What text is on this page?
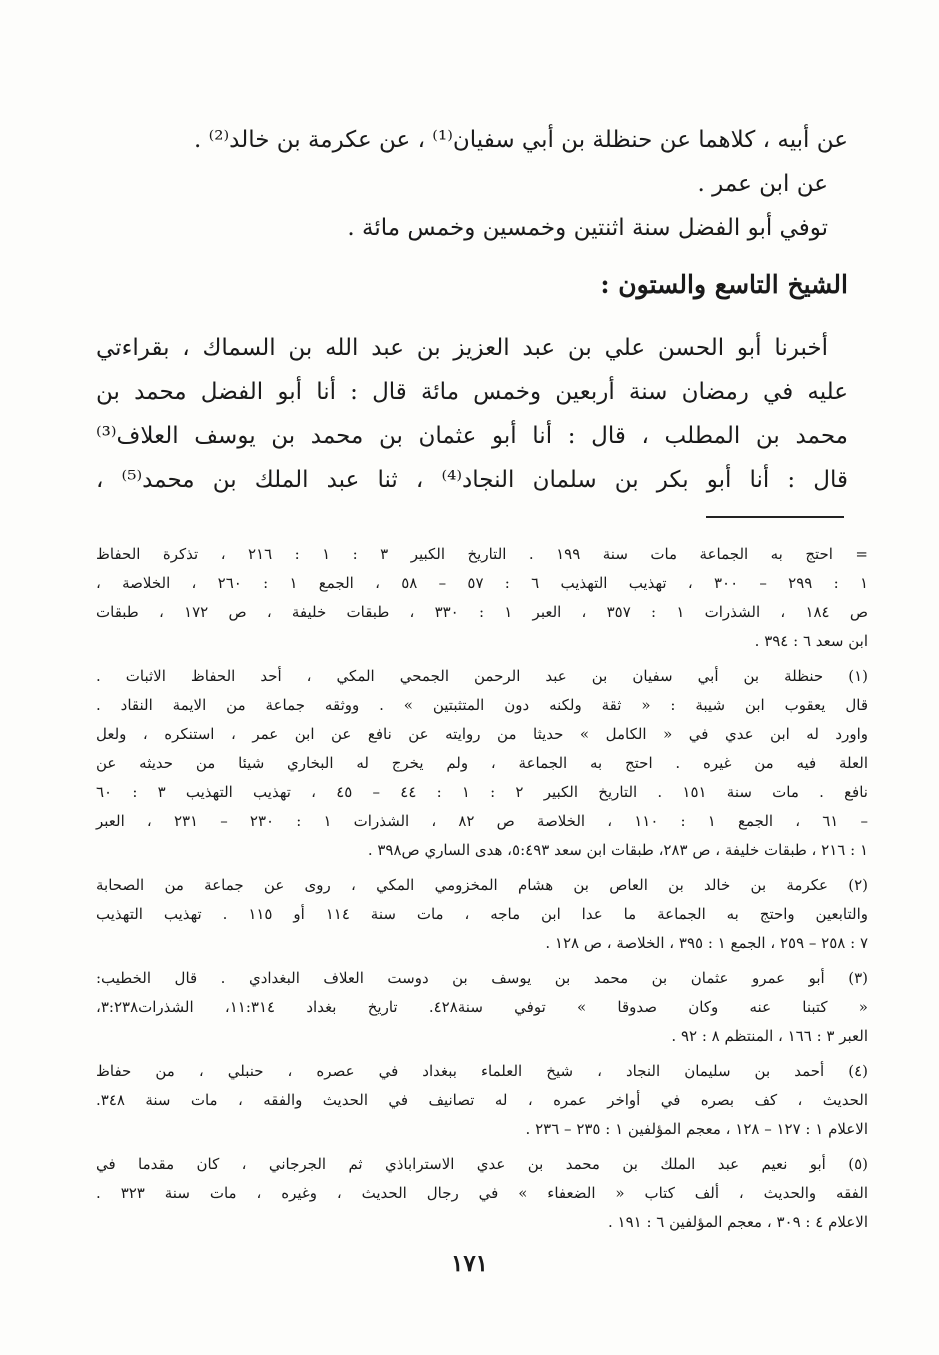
عن أبيه ، كلاهما عن حنظلة بن أبي سفيان⁽¹⁾ ، عن عكرمة بن خالد⁽²⁾ .
عن ابن عمر .
توفي أبو الفضل سنة اثنتين وخمسين وخمس مائة .
الشيخ التاسع والستون :
أخبرنا أبو الحسن علي بن عبد العزيز بن عبد الله بن السماك ، بقراءتي
عليه في رمضان سنة أربعين وخمس مائة قال : أنا أبو الفضل محمد بن
محمد بن المطلب ، قال : أنا أبو عثمان بن محمد بن يوسف العلاف⁽³⁾
قال : أنا أبو بكر بن سلمان النجاد⁽⁴⁾ ، ثنا عبد الملك بن محمد⁽⁵⁾ ،
= احتج به الجماعة مات سنة ١٩٩ . التاريخ الكبير ٣ : ١ : ٢١٦ ، تذكرة الحفاظ
١ : ٢٩٩ – ٣٠٠ ، تهذيب التهذيب ٦ : ٥٧ – ٥٨ ، الجمع ١ : ٢٦٠ ، الخلاصة ،
ص ١٨٤ ، الشذرات ١ : ٣٥٧ ، العبر ١ : ٣٣٠ ، طبقات خليفة ، ص ١٧٢ ، طبقات
ابن سعد ٦ : ٣٩٤ .
(١) حنظلة بن أبي سفيان بن عبد الرحمن الجمحي المكي ، أحد الحفاظ الاثبات .
قال يعقوب ابن شيبة : « ثقة ولكنه دون المتثبتين » . ووثقه جماعة من الايمة النقاد .
واورد له ابن عدي في « الكامل » حديثا من روايته عن نافع عن ابن عمر ، استنكره ، ولعل
العلة فيه من غيره . احتج به الجماعة ، ولم يخرج له البخاري شيئا من حديثه عن
نافع . مات سنة ١٥١ . التاريخ الكبير ٢ : ١ : ٤٤ – ٤٥ ، تهذيب التهذيب ٣ : ٦٠
– ٦١ ، الجمع ١ : ١١٠ ، الخلاصة ص ٨٢ ، الشذرات ١ : ٢٣٠ – ٢٣١ ، العبر
١ : ٢١٦ ، طبقات خليفة ، ص ٢٨٣، طبقات ابن سعد ٥:٤٩٣، هدى الساري ص٣٩٨ .
(٢) عكرمة بن خالد بن العاص بن هشام المخزومي المكي ، روى عن جماعة من الصحابة
والتابعين واحتج به الجماعة ما عدا ابن ماجه ، مات سنة ١١٤ أو ١١٥ . تهذيب التهذيب
٧ : ٢٥٨ – ٢٥٩ ، الجمع ١ : ٣٩٥ ، الخلاصة ، ص ١٢٨ .
(٣) أبو عمرو عثمان بن محمد بن يوسف بن دوست العلاف البغدادي . قال الخطيب:
« كتبنا عنه وكان صدوقا » توفي سنة٤٢٨. تاريخ بغداد ١١:٣١٤، الشذرات٣:٢٣٨،
العبر ٣ : ١٦٦ ، المنتظم ٨ : ٩٢ .
(٤) أحمد بن سليمان النجاد ، شيخ العلماء ببغداد في عصره ، حنبلي ، من حفاظ
الحديث ، كف بصره في أواخر عمره ، له تصانيف في الحديث والفقه ، مات سنة ٣٤٨.
الاعلام ١ : ١٢٧ – ١٢٨ ، معجم المؤلفين ١ : ٢٣٥ – ٢٣٦ .
(٥) أبو نعيم عبد الملك بن محمد بن عدي الاستراباذي ثم الجرجاني ، كان مقدما في
الفقه والحديث ، ألف كتاب « الضعفاء » في رجال الحديث ، وغيره ، مات سنة ٣٢٣ .
الاعلام ٤ : ٣٠٩ ، معجم المؤلفين ٦ : ١٩١ .
١٧١
